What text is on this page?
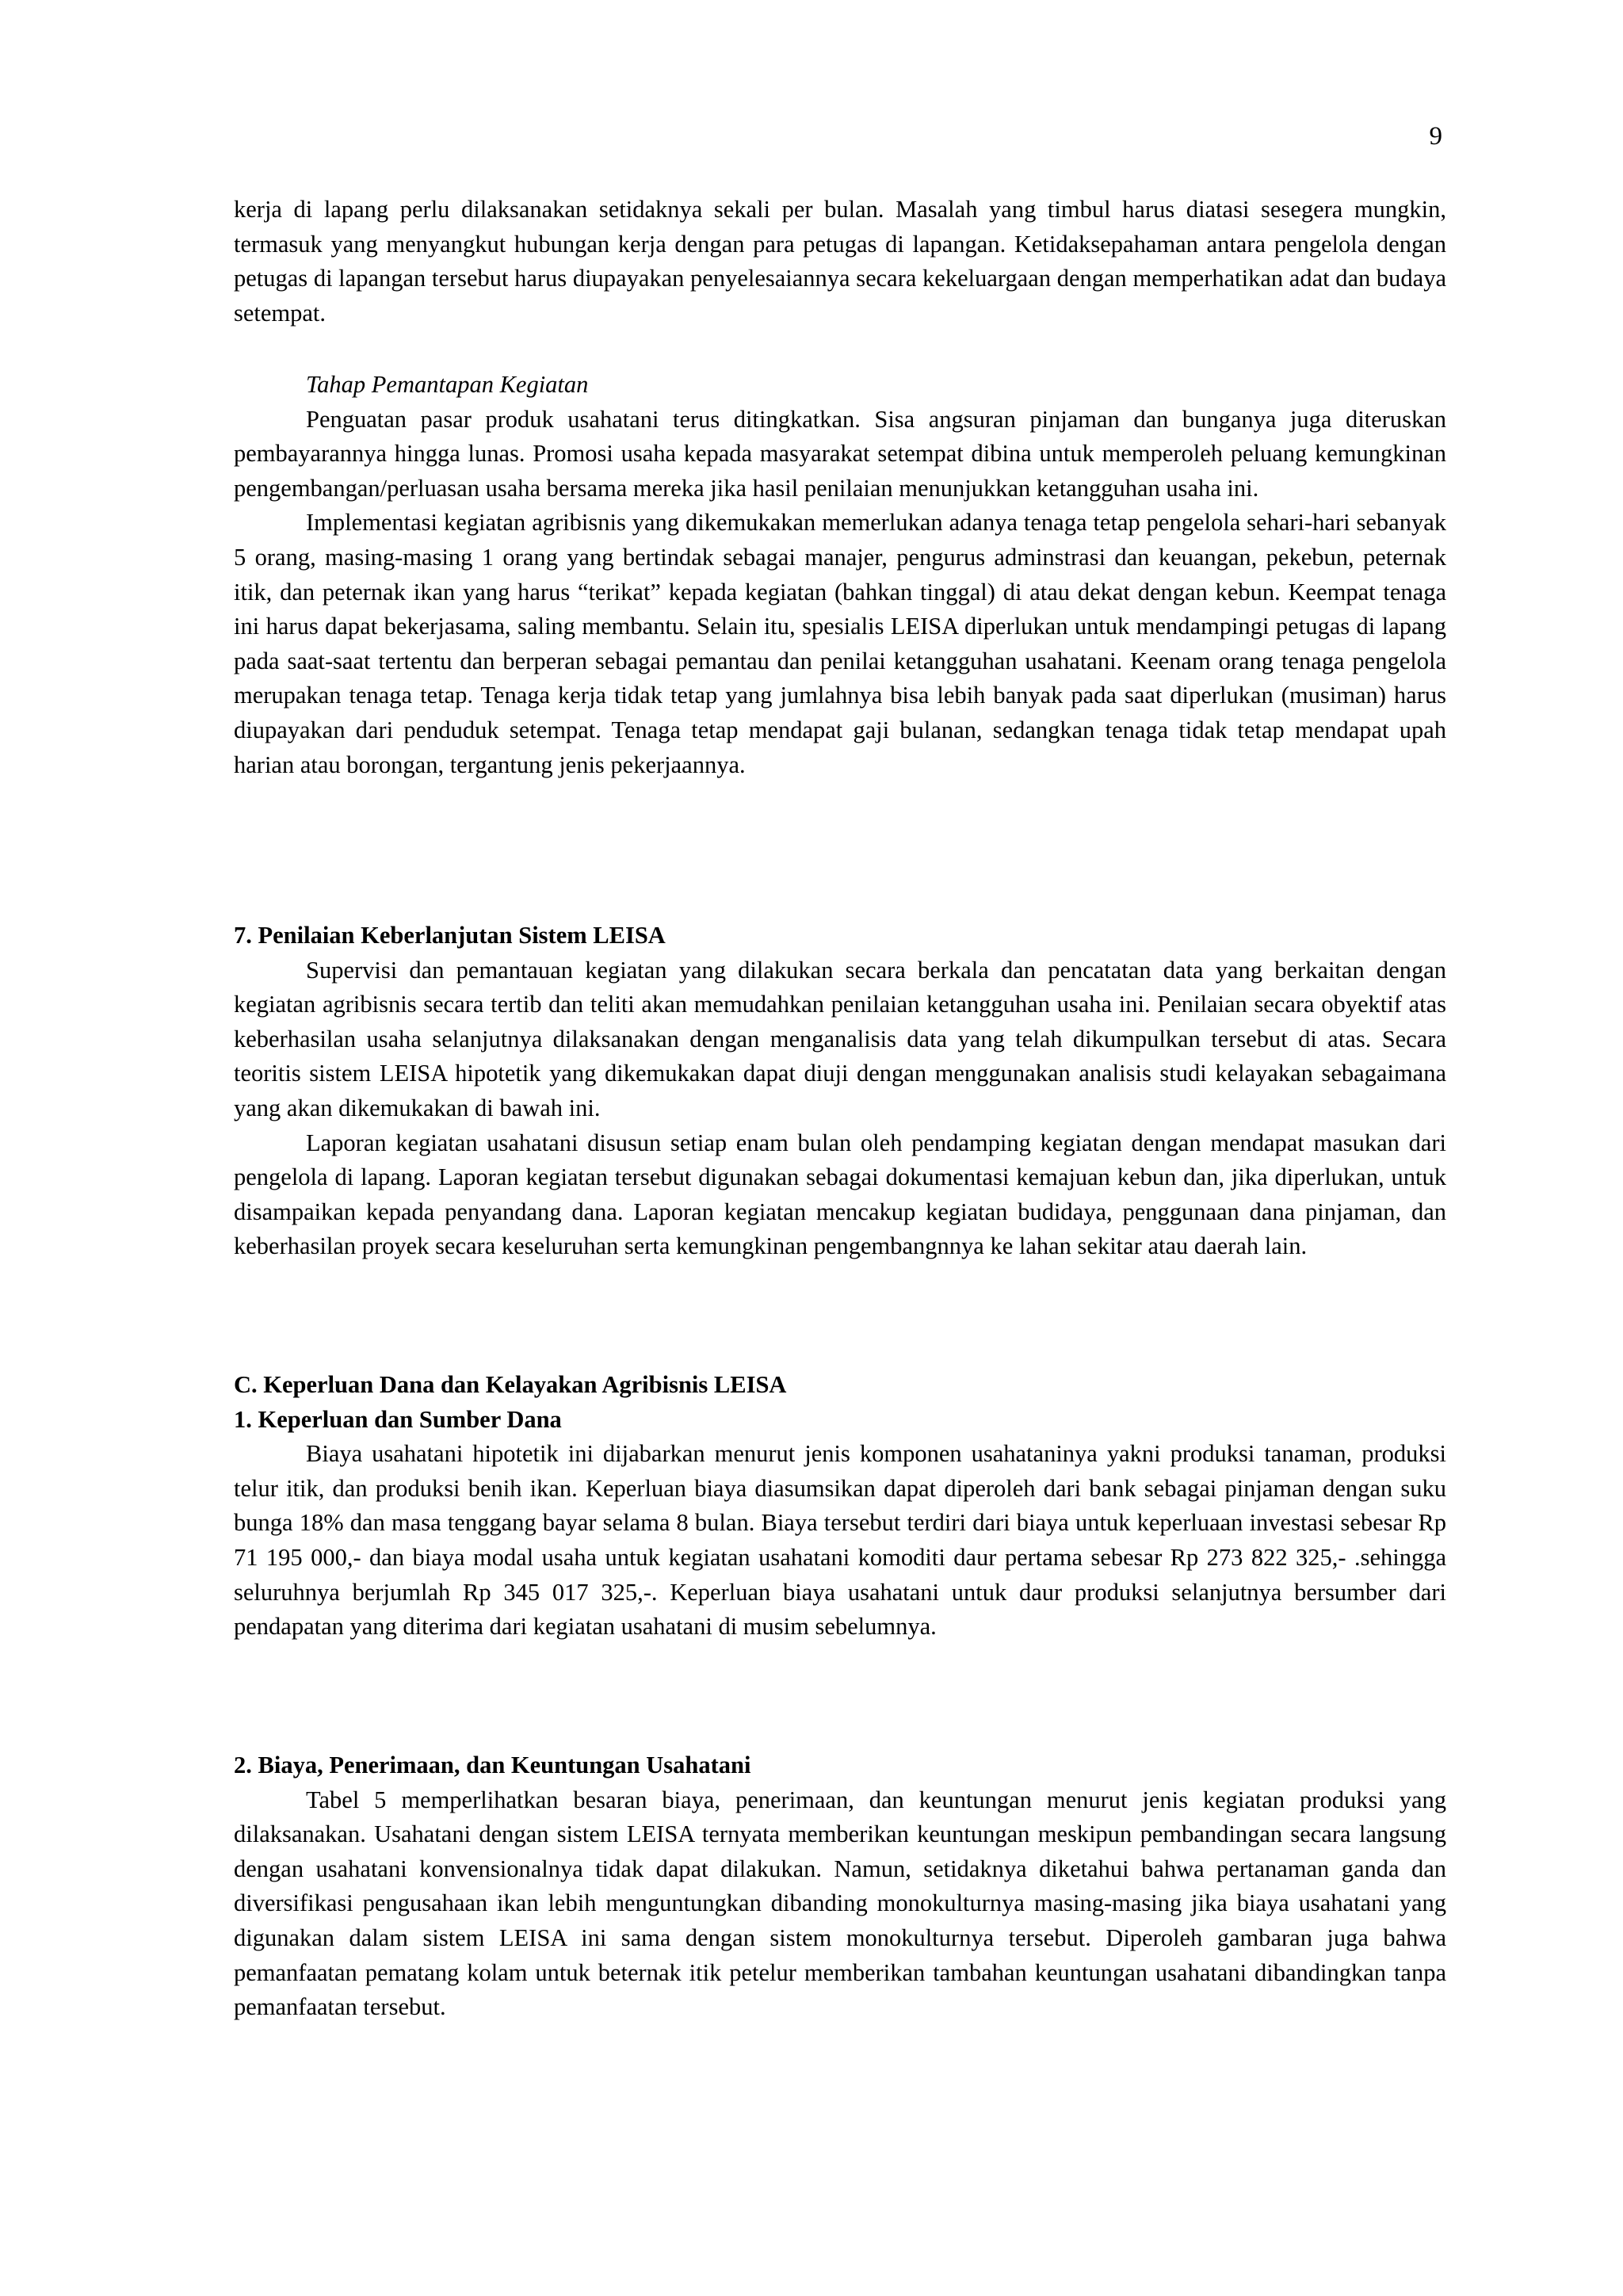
9

kerja di lapang perlu dilaksanakan setidaknya sekali per bulan. Masalah yang timbul harus diatasi sesegera mungkin, termasuk yang menyangkut hubungan kerja dengan para petugas di lapangan. Ketidaksepahaman antara pengelola dengan petugas di lapangan tersebut harus diupayakan penyelesaiannya secara kekeluargaan dengan memperhatikan adat dan budaya setempat.

Tahap Pemantapan Kegiatan

Penguatan pasar produk usahatani terus ditingkatkan. Sisa angsuran pinjaman dan bunganya juga diteruskan pembayarannya hingga lunas. Promosi usaha kepada masyarakat setempat dibina untuk memperoleh peluang kemungkinan pengembangan/perluasan usaha bersama mereka jika hasil penilaian menunjukkan ketangguhan usaha ini.

Implementasi kegiatan agribisnis yang dikemukakan memerlukan adanya tenaga tetap pengelola sehari-hari sebanyak 5 orang, masing-masing 1 orang yang bertindak sebagai manajer, pengurus adminstrasi dan keuangan, pekebun, peternak itik, dan peternak ikan yang harus “terikat” kepada kegiatan (bahkan tinggal) di atau dekat dengan kebun. Keempat tenaga ini harus dapat bekerjasama, saling membantu. Selain itu, spesialis LEISA diperlukan untuk mendampingi petugas di lapang pada saat-saat tertentu dan berperan sebagai pemantau dan penilai ketangguhan usahatani. Keenam orang tenaga pengelola merupakan tenaga tetap. Tenaga kerja tidak tetap yang jumlahnya bisa lebih banyak pada saat diperlukan (musiman) harus diupayakan dari penduduk setempat. Tenaga tetap mendapat gaji bulanan, sedangkan tenaga tidak tetap mendapat upah harian atau borongan, tergantung jenis pekerjaannya.

7. Penilaian Keberlanjutan Sistem LEISA

Supervisi dan pemantauan kegiatan yang dilakukan secara berkala dan pencatatan data yang berkaitan dengan kegiatan agribisnis secara tertib dan teliti akan memudahkan penilaian ketangguhan usaha ini. Penilaian secara obyektif atas keberhasilan usaha selanjutnya dilaksanakan dengan menganalisis data yang telah dikumpulkan tersebut di atas. Secara teoritis sistem LEISA hipotetik yang dikemukakan dapat diuji dengan menggunakan analisis studi kelayakan sebagaimana yang akan dikemukakan di bawah ini.

Laporan kegiatan usahatani disusun setiap enam bulan oleh pendamping kegiatan dengan mendapat masukan dari pengelola di lapang. Laporan kegiatan tersebut digunakan sebagai dokumentasi kemajuan kebun dan, jika diperlukan, untuk disampaikan kepada penyandang dana. Laporan kegiatan mencakup kegiatan budidaya, penggunaan dana pinjaman, dan keberhasilan proyek secara keseluruhan serta kemungkinan pengembangnnya ke lahan sekitar atau daerah lain.

C. Keperluan Dana dan Kelayakan Agribisnis LEISA

1. Keperluan dan Sumber Dana

Biaya usahatani hipotetik ini dijabarkan menurut jenis komponen usahataninya yakni produksi tanaman, produksi telur itik, dan produksi benih ikan. Keperluan biaya diasumsikan dapat diperoleh dari bank sebagai pinjaman dengan suku bunga 18% dan masa tenggang bayar selama 8 bulan. Biaya tersebut terdiri dari biaya untuk keperluaan investasi sebesar Rp 71 195 000,- dan biaya modal usaha untuk kegiatan usahatani komoditi daur pertama sebesar Rp 273 822 325,- .sehingga seluruhnya berjumlah Rp 345 017 325,-. Keperluan biaya usahatani untuk daur produksi selanjutnya bersumber dari pendapatan yang diterima dari kegiatan usahatani di musim sebelumnya.

2. Biaya, Penerimaan, dan Keuntungan Usahatani

Tabel 5 memperlihatkan besaran biaya, penerimaan, dan keuntungan menurut jenis kegiatan produksi yang dilaksanakan. Usahatani dengan sistem LEISA ternyata memberikan keuntungan meskipun pembandingan secara langsung dengan usahatani konvensionalnya tidak dapat dilakukan. Namun, setidaknya diketahui bahwa pertanaman ganda dan diversifikasi pengusahaan ikan lebih menguntungkan dibanding monokulturnya masing-masing jika biaya usahatani yang digunakan dalam sistem LEISA ini sama dengan sistem monokulturnya tersebut. Diperoleh gambaran juga bahwa pemanfaatan pematang kolam untuk beternak itik petelur memberikan tambahan keuntungan usahatani dibandingkan tanpa pemanfaatan tersebut.
